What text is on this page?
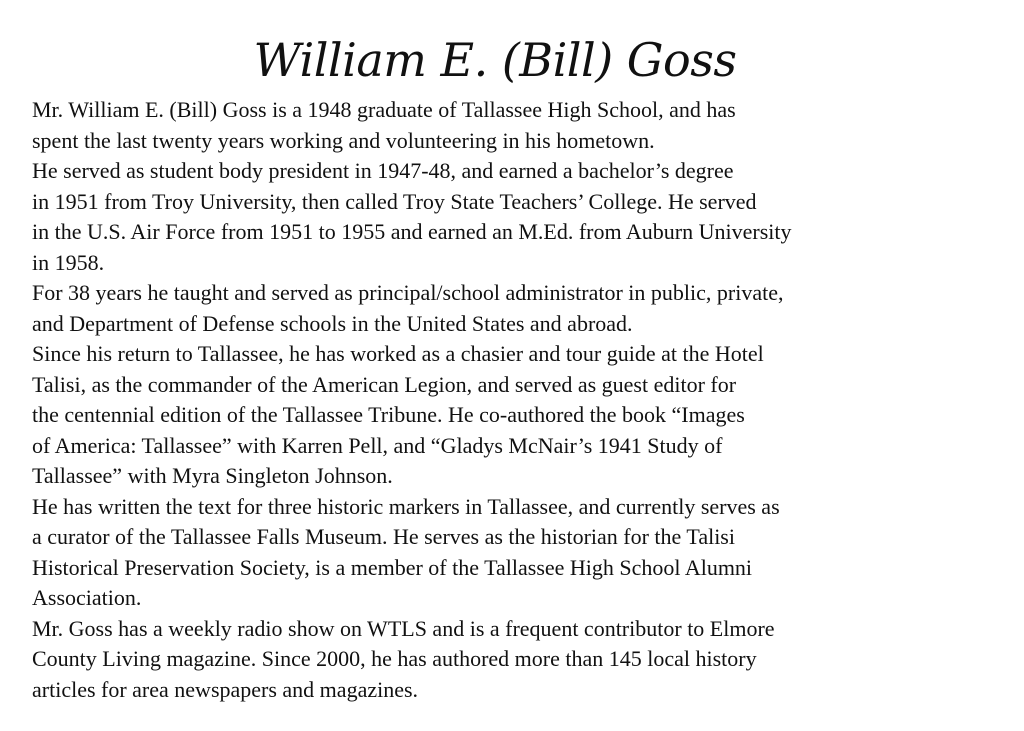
William E. (Bill) Goss
Mr. William E. (Bill) Goss is a 1948 graduate of Tallassee High School, and has
spent the last twenty years working and volunteering in his hometown.
He served as student body president in 1947-48, and earned a bachelor’s degree
in 1951 from Troy University, then called Troy State Teachers’ College. He served
in the U.S. Air Force from 1951 to 1955 and earned an M.Ed. from Auburn University
in 1958.
For 38 years he taught and served as principal/school administrator in public, private,
and Department of Defense schools in the United States and abroad.
Since his return to Tallassee, he has worked as a chasier and tour guide at the Hotel
Talisi, as the commander of the American Legion, and served as guest editor for
the centennial edition of the Tallassee Tribune. He co-authored the book “Images
of America: Tallassee” with Karren Pell, and “Gladys McNair’s 1941 Study of
Tallassee” with Myra Singleton Johnson.
He has written the text for three historic markers in Tallassee, and currently serves as
a curator of the Tallassee Falls Museum. He serves as the historian for the Talisi
Historical Preservation Society, is a member of the Tallassee High School Alumni
Association.
Mr. Goss has a weekly radio show on WTLS and is a frequent contributor to Elmore
County Living magazine. Since 2000, he has authored more than 145 local history
articles for area newspapers and magazines.
